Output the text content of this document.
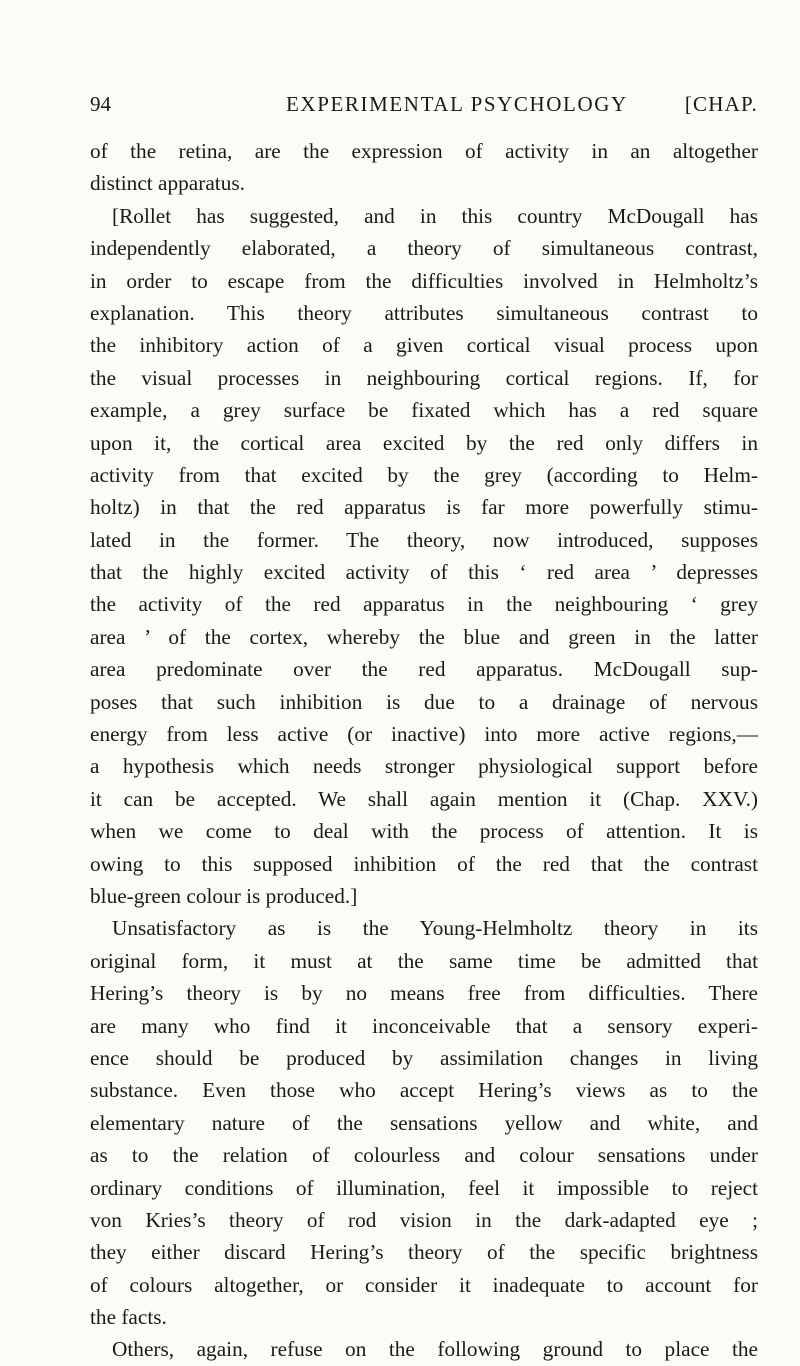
94	EXPERIMENTAL PSYCHOLOGY	[CHAP.
of the retina, are the expression of activity in an altogether
distinct apparatus.
[Rollet has suggested, and in this country McDougall has
independently elaborated, a theory of simultaneous contrast,
in order to escape from the difficulties involved in Helmholtz’s
explanation. This theory attributes simultaneous contrast to
the inhibitory action of a given cortical visual process upon
the visual processes in neighbouring cortical regions. If, for
example, a grey surface be fixated which has a red square
upon it, the cortical area excited by the red only differs in
activity from that excited by the grey (according to Helm-
holtz) in that the red apparatus is far more powerfully stimu-
lated in the former. The theory, now introduced, supposes
that the highly excited activity of this ‘ red area ’ depresses
the activity of the red apparatus in the neighbouring ‘ grey
area ’ of the cortex, whereby the blue and green in the latter
area predominate over the red apparatus. McDougall sup-
poses that such inhibition is due to a drainage of nervous
energy from less active (or inactive) into more active regions,—
a hypothesis which needs stronger physiological support before
it can be accepted. We shall again mention it (Chap. XXV.)
when we come to deal with the process of attention. It is
owing to this supposed inhibition of the red that the contrast
blue-green colour is produced.]
Unsatisfactory as is the Young-Helmholtz theory in its
original form, it must at the same time be admitted that
Hering’s theory is by no means free from difficulties. There
are many who find it inconceivable that a sensory experi-
ence should be produced by assimilation changes in living
substance. Even those who accept Hering’s views as to the
elementary nature of the sensations yellow and white, and
as to the relation of colourless and colour sensations under
ordinary conditions of illumination, feel it impossible to reject
von Kries’s theory of rod vision in the dark-adapted eye ;
they either discard Hering’s theory of the specific brightness
of colours altogether, or consider it inadequate to account for
the facts.
Others, again, refuse on the following ground to place the
